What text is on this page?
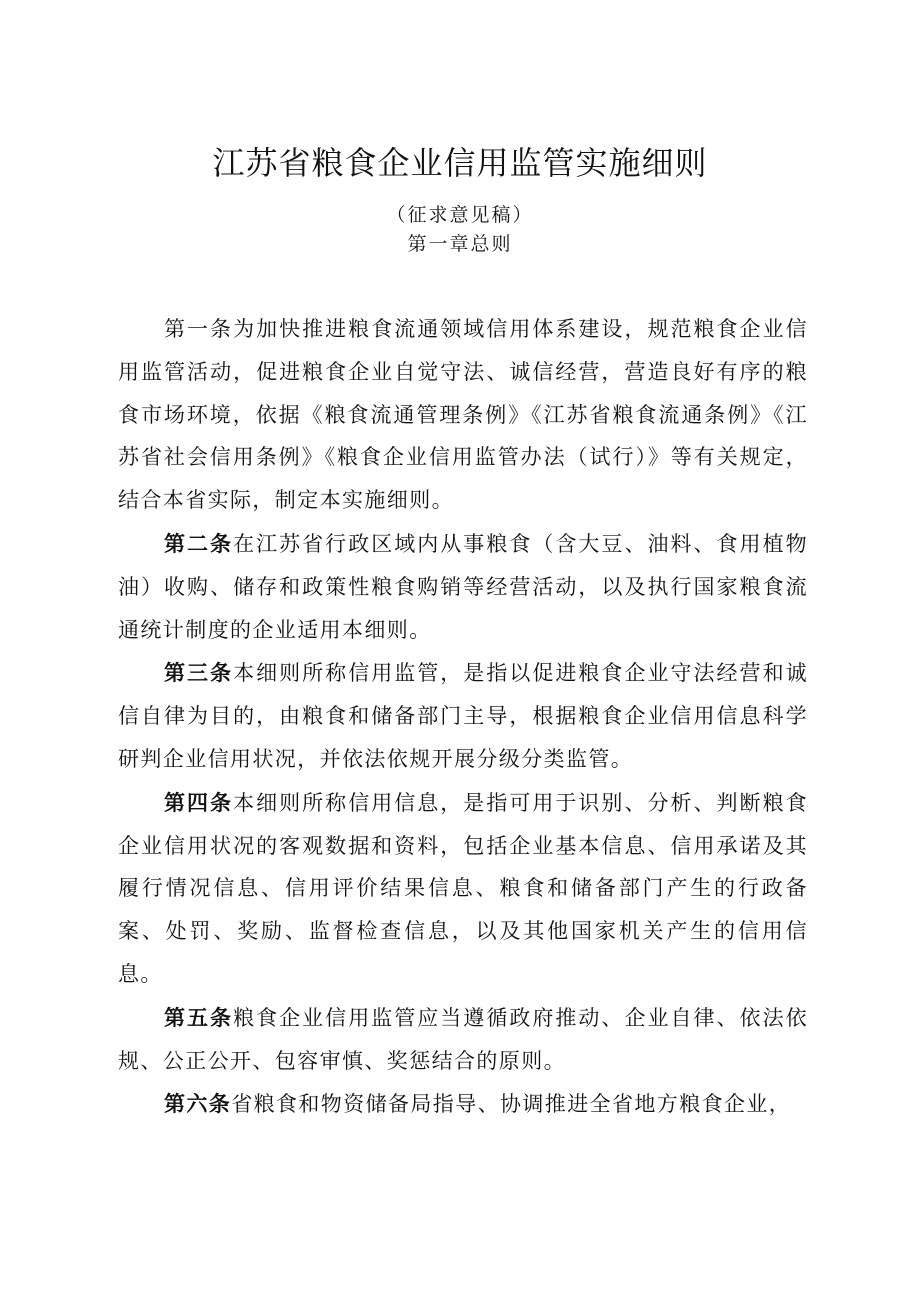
江苏省粮食企业信用监管实施细则
（征求意见稿）
第一章总则

第一条为加快推进粮食流通领域信用体系建设，规范粮食企业信用监管活动，促进粮食企业自觉守法、诚信经营，营造良好有序的粮食市场环境，依据《粮食流通管理条例》《江苏省粮食流通条例》《江苏省社会信用条例》《粮食企业信用监管办法（试行）》等有关规定，结合本省实际，制定本实施细则。

第二条在江苏省行政区域内从事粮食（含大豆、油料、食用植物油）收购、储存和政策性粮食购销等经营活动，以及执行国家粮食流通统计制度的企业适用本细则。

第三条本细则所称信用监管，是指以促进粮食企业守法经营和诚信自律为目的，由粮食和储备部门主导，根据粮食企业信用信息科学研判企业信用状况，并依法依规开展分级分类监管。

第四条本细则所称信用信息，是指可用于识别、分析、判断粮食企业信用状况的客观数据和资料，包括企业基本信息、信用承诺及其履行情况信息、信用评价结果信息、粮食和储备部门产生的行政备案、处罚、奖励、监督检查信息，以及其他国家机关产生的信用信息。

第五条粮食企业信用监管应当遵循政府推动、企业自律、依法依规、公正公开、包容审慎、奖惩结合的原则。

第六条省粮食和物资储备局指导、协调推进全省地方粮食企业，
